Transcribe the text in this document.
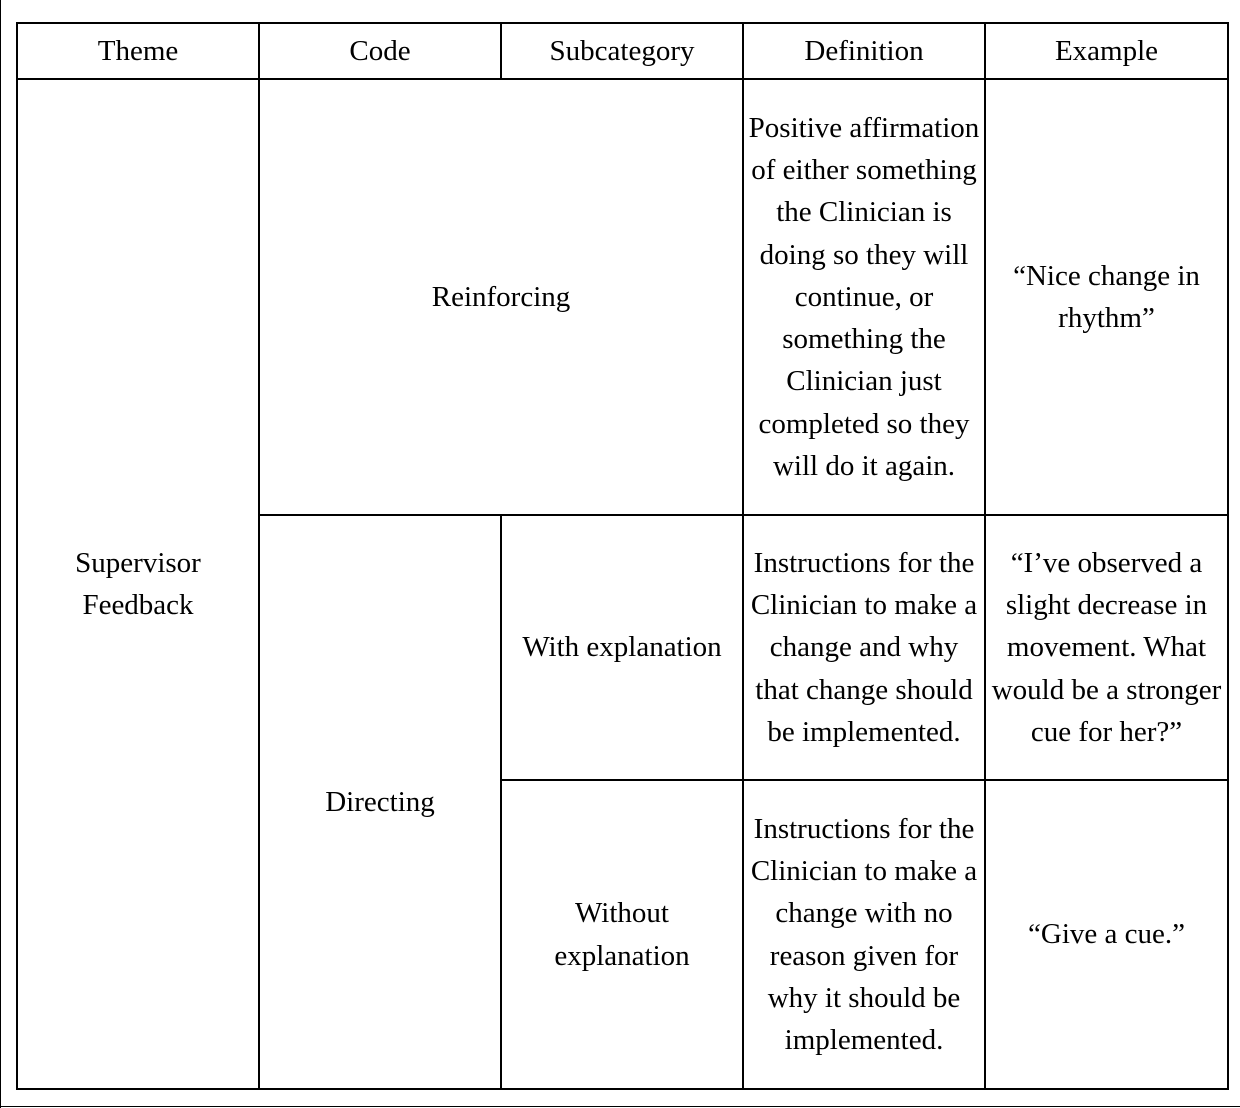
Theme	Code	Subcategory	Definition	Example
Supervisor Feedback	Reinforcing		Positive affirmation of either something the Clinician is doing so they will continue, or something the Clinician just completed so they will do it again.	“Nice change in rhythm”
	Directing	With explanation	Instructions for the Clinician to make a change and why that change should be implemented.	“I’ve observed a slight decrease in movement. What would be a stronger cue for her?”
		Without explanation	Instructions for the Clinician to make a change with no reason given for why it should be implemented.	“Give a cue.”
